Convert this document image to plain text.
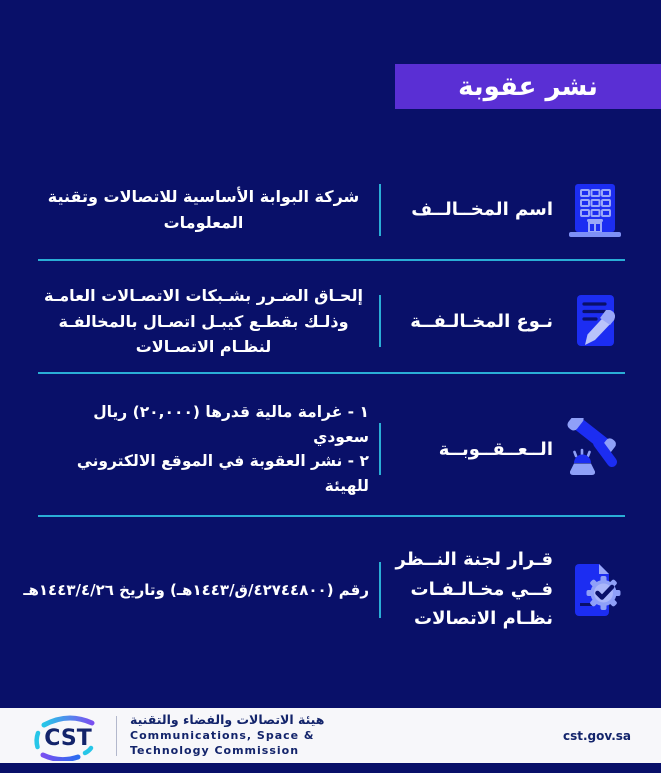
نشر عقوبة
اسم المخــالــف
شركة البوابة الأساسية للاتصالات وتقنية المعلومات
نـوع المخـالـفــة
إلحـاق الضـرر بشـبكات الاتصـالات العامـة وذلـك بقطـع كيبـل اتصـال بالمخالفـة لنظـام الاتصـالات
الــعــقــوبــة
١ - غرامة مالية قدرها (٢٠,٠٠٠) ريال سعودي
٢ - نشر العقوبة في الموقع الالكتروني للهيئة
قـرار لجنة النــظر فــي مخـالـفـات نظـام الاتصالات
رقم (٤٢٧٤٤٨٠٠/ق/١٤٤٣هـ) وتاريخ ١٤٤٣/٤/٢٦هـ
CST
هيئة الاتصالات والفضاء والتقنية
Communications, Space &
Technology Commission
cst.gov.sa
